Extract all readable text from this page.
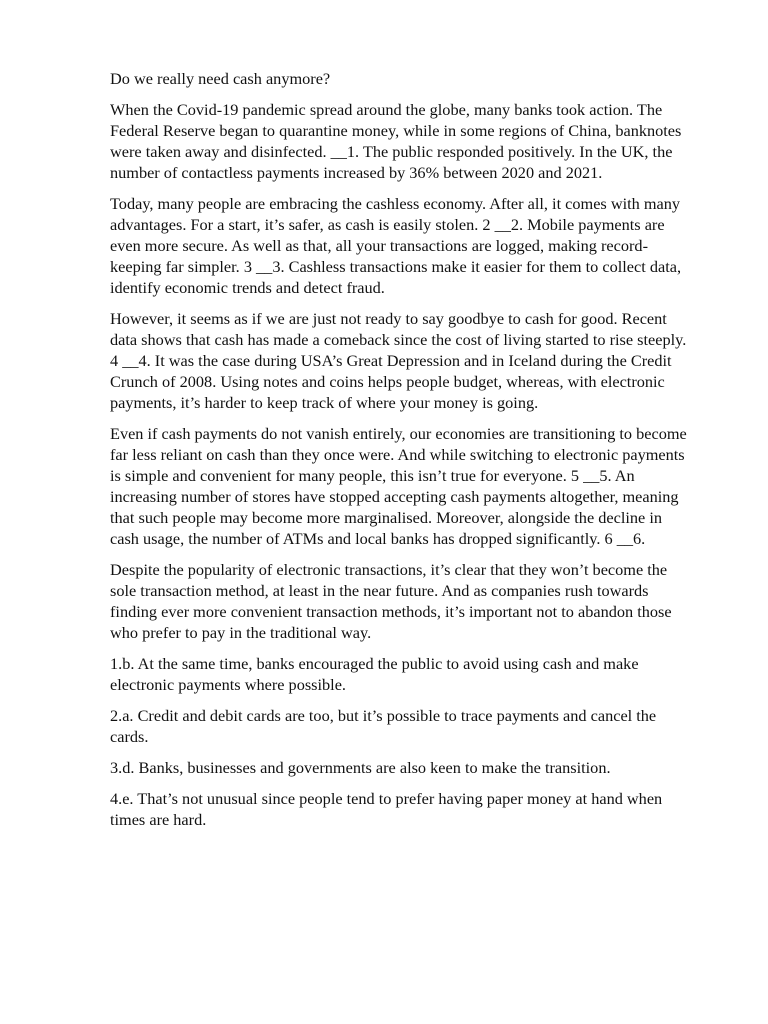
Do we really need cash anymore?

When the Covid-19 pandemic spread around the globe, many banks took action. The Federal Reserve began to quarantine money, while in some regions of China, banknotes were taken away and disinfected. __1. The public responded positively. In the UK, the number of contactless payments increased by 36% between 2020 and 2021.

Today, many people are embracing the cashless economy. After all, it comes with many advantages. For a start, it’s safer, as cash is easily stolen. 2 __2. Mobile payments are even more secure. As well as that, all your transactions are logged, making record-keeping far simpler. 3 __3. Cashless transactions make it easier for them to collect data, identify economic trends and detect fraud.

However, it seems as if we are just not ready to say goodbye to cash for good. Recent data shows that cash has made a comeback since the cost of living started to rise steeply. 4 __4. It was the case during USA’s Great Depression and in Iceland during the Credit Crunch of 2008. Using notes and coins helps people budget, whereas, with electronic payments, it’s harder to keep track of where your money is going.

Even if cash payments do not vanish entirely, our economies are transitioning to become far less reliant on cash than they once were. And while switching to electronic payments is simple and convenient for many people, this isn’t true for everyone. 5 __5. An increasing number of stores have stopped accepting cash payments altogether, meaning that such people may become more marginalised. Moreover, alongside the decline in cash usage, the number of ATMs and local banks has dropped significantly. 6 __6.

Despite the popularity of electronic transactions, it’s clear that they won’t become the sole transaction method, at least in the near future. And as companies rush towards finding ever more convenient transaction methods, it’s important not to abandon those who prefer to pay in the traditional way.

1.b. At the same time, banks encouraged the public to avoid using cash and make electronic payments where possible.

2.a. Credit and debit cards are too, but it’s possible to trace payments and cancel the cards.

3.d. Banks, businesses and governments are also keen to make the transition.

4.e. That’s not unusual since people tend to prefer having paper money at hand when times are hard.
